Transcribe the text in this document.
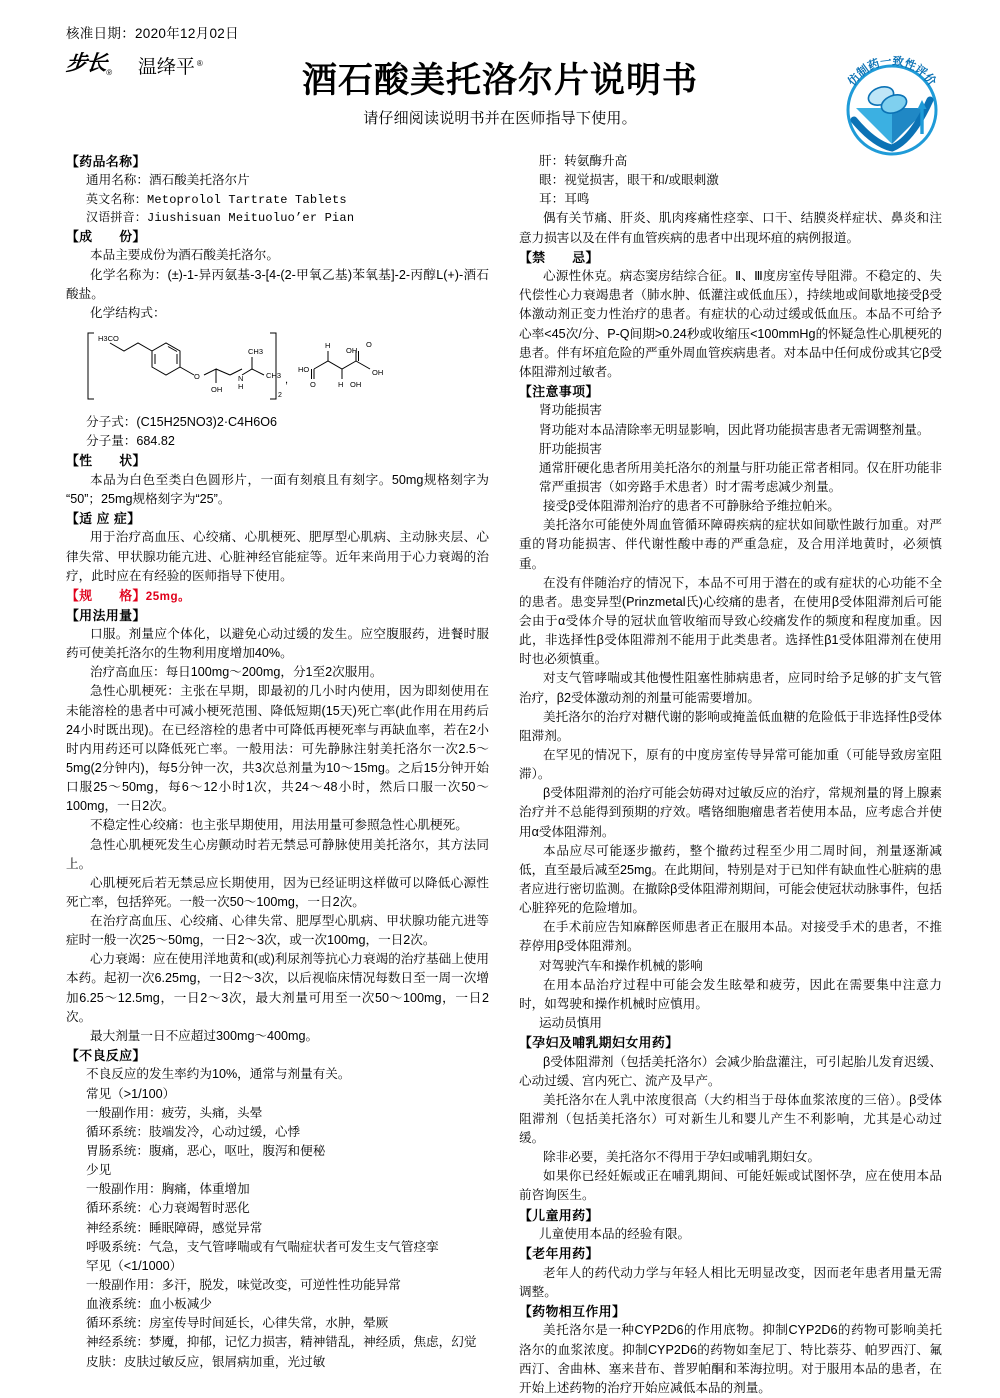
核准日期：2020年12月02日
步长$_®$ 温绛平 ®	酒石酸美托洛尔片说明书

请仔细阅读说明书并在医师指导下使用。

仿制药一致性评价

【药品名称】

通用名称：酒石酸美托洛尔片

英文名称：Metoprolol Tartrate Tablets

汉语拼音：Jiushisuan Meituoluo’er Pian

【成　　份】

本品主要成份为酒石酸美托洛尔。

化学名称为：(±)-1-异丙氨基-3-[4-(2-甲氧乙基)苯氧基]-2-丙醇L(+)-酒石酸盐。

化学结构式：

H3CO
O
OH
N
H
CH3
CH3
2
,
HO
O
H
H
OH
OH
O
OH

分子式：(C15H25NO3)2·C4H6O6

分子量：684.82

【性　　状】

本品为白色至类白色圆形片，一面有刻痕且有刻字。50mg规格刻字为“50”；25mg规格刻字为“25”。

【适 应 症】

用于治疗高血压、心绞痛、心肌梗死、肥厚型心肌病、主动脉夹层、心律失常、甲状腺功能亢进、心脏神经官能症等。近年来尚用于心力衰竭的治疗，此时应在有经验的医师指导下使用。

【规　　格】25mg。

【用法用量】

口服。剂量应个体化，以避免心动过缓的发生。应空腹服药，进餐时服药可使美托洛尔的生物利用度增加40%。

治疗高血压：每日100mg～200mg，分1至2次服用。

急性心肌梗死：主张在早期，即最初的几小时内使用，因为即刻使用在未能溶栓的患者中可减小梗死范围、降低短期(15天)死亡率(此作用在用药后24小时既出现)。在已经溶栓的患者中可降低再梗死率与再缺血率，若在2小时内用药还可以降低死亡率。一般用法：可先静脉注射美托洛尔一次2.5～5mg(2分钟内)，每5分钟一次，共3次总剂量为10～15mg。之后15分钟开始口服25～50mg，每6～12小时1次，共24～48小时，然后口服一次50～100mg，一日2次。

不稳定性心绞痛：也主张早期使用，用法用量可参照急性心肌梗死。

急性心肌梗死发生心房颤动时若无禁忌可静脉使用美托洛尔，其方法同上。

心肌梗死后若无禁忌应长期使用，因为已经证明这样做可以降低心源性死亡率，包括猝死。一般一次50～100mg，一日2次。

在治疗高血压、心绞痛、心律失常、肥厚型心肌病、甲状腺功能亢进等症时一般一次25～50mg，一日2～3次，或一次100mg，一日2次。

心力衰竭：应在使用洋地黄和(或)利尿剂等抗心力衰竭的治疗基础上使用本药。起初一次6.25mg，一日2～3次，以后视临床情况每数日至一周一次增加6.25～12.5mg，一日2～3次，最大剂量可用至一次50～100mg，一日2次。

最大剂量一日不应超过300mg～400mg。

【不良反应】

不良反应的发生率约为10%，通常与剂量有关。

常见（>1/100）

一般副作用：疲劳，头痛，头晕

循环系统：肢端发冷，心动过缓，心悸

胃肠系统：腹痛，恶心，呕吐，腹泻和便秘

少见

一般副作用：胸痛，体重增加

循环系统：心力衰竭暂时恶化

神经系统：睡眠障碍，感觉异常

呼吸系统：气急，支气管哮喘或有气喘症状者可发生支气管痉挛

罕见（<1/1000）

一般副作用：多汗，脱发，味觉改变，可逆性性功能异常

血液系统：血小板减少

循环系统：房室传导时间延长，心律失常，水肿，晕厥

神经系统：梦魇，抑郁，记忆力损害，精神错乱，神经质，焦虑，幻觉

皮肤：皮肤过敏反应，银屑病加重，光过敏

肝：转氨酶升高

眼：视觉损害，眼干和/或眼刺激

耳：耳鸣

偶有关节痛、肝炎、肌肉疼痛性痉挛、口干、结膜炎样症状、鼻炎和注意力损害以及在伴有血管疾病的患者中出现坏疽的病例报道。

【禁　　忌】

心源性休克。病态窦房结综合征。Ⅱ、Ⅲ度房室传导阻滞。不稳定的、失代偿性心力衰竭患者（肺水肿、低灌注或低血压），持续地或间歇地接受β受体激动剂正变力性治疗的患者。有症状的心动过缓或低血压。本品不可给予心率<45次/分、P-Q间期>0.24秒或收缩压<100mmHg的怀疑急性心肌梗死的患者。伴有坏疽危险的严重外周血管疾病患者。对本品中任何成份或其它β受体阻滞剂过敏者。

【注意事项】

肾功能损害

肾功能对本品清除率无明显影响，因此肾功能损害患者无需调整剂量。

肝功能损害

通常肝硬化患者所用美托洛尔的剂量与肝功能正常者相同。仅在肝功能非常严重损害（如旁路手术患者）时才需考虑减少剂量。

接受β受体阻滞剂治疗的患者不可静脉给予维拉帕米。

美托洛尔可能使外周血管循环障碍疾病的症状如间歇性跛行加重。对严重的肾功能损害、伴代谢性酸中毒的严重急症，及合用洋地黄时，必须慎重。

在没有伴随治疗的情况下，本品不可用于潜在的或有症状的心功能不全的患者。患变异型(Prinzmetal氏)心绞痛的患者，在使用β受体阻滞剂后可能会由于α受体介导的冠状血管收缩而导致心绞痛发作的频度和程度加重。因此，非选择性β受体阻滞剂不能用于此类患者。选择性β1受体阻滞剂在使用时也必须慎重。

对支气管哮喘或其他慢性阻塞性肺病患者，应同时给予足够的扩支气管治疗，β2受体激动剂的剂量可能需要增加。

美托洛尔的治疗对糖代谢的影响或掩盖低血糖的危险低于非选择性β受体阻滞剂。

在罕见的情况下，原有的中度房室传导异常可能加重（可能导致房室阻滞）。

β受体阻滞剂的治疗可能会妨碍对过敏反应的治疗，常规剂量的肾上腺素治疗并不总能得到预期的疗效。嗜铬细胞瘤患者若使用本品，应考虑合并使用α受体阻滞剂。

本品应尽可能逐步撤药，整个撤药过程至少用二周时间，剂量逐渐减低，直至最后减至25mg。在此期间，特别是对于已知伴有缺血性心脏病的患者应进行密切监测。在撤除β受体阻滞剂期间，可能会使冠状动脉事件，包括心脏猝死的危险增加。

在手术前应告知麻醉医师患者正在服用本品。对接受手术的患者，不推荐停用β受体阻滞剂。

对驾驶汽车和操作机械的影响

在用本品治疗过程中可能会发生眩晕和疲劳，因此在需要集中注意力时，如驾驶和操作机械时应慎用。

运动员慎用

【孕妇及哺乳期妇女用药】

β受体阻滞剂（包括美托洛尔）会减少胎盘灌注，可引起胎儿发育迟缓、心动过缓、宫内死亡、流产及早产。

美托洛尔在人乳中浓度很高（大约相当于母体血浆浓度的三倍）。β受体阻滞剂（包括美托洛尔）可对新生儿和婴儿产生不利影响，尤其是心动过缓。

除非必要，美托洛尔不得用于孕妇或哺乳期妇女。

如果你已经妊娠或正在哺乳期间、可能妊娠或试图怀孕，应在使用本品前咨询医生。

【儿童用药】

儿童使用本品的经验有限。

【老年用药】

老年人的药代动力学与年轻人相比无明显改变，因而老年患者用量无需调整。

【药物相互作用】

美托洛尔是一种CYP2D6的作用底物。抑制CYP2D6的药物可影响美托洛尔的血浆浓度。抑制CYP2D6的药物如奎尼丁、特比萘芬、帕罗西汀、氟西汀、舍曲林、塞来昔布、普罗帕酮和苯海拉明。对于服用本品的患者，在开始上述药物的治疗开始应减低本品的剂量。
